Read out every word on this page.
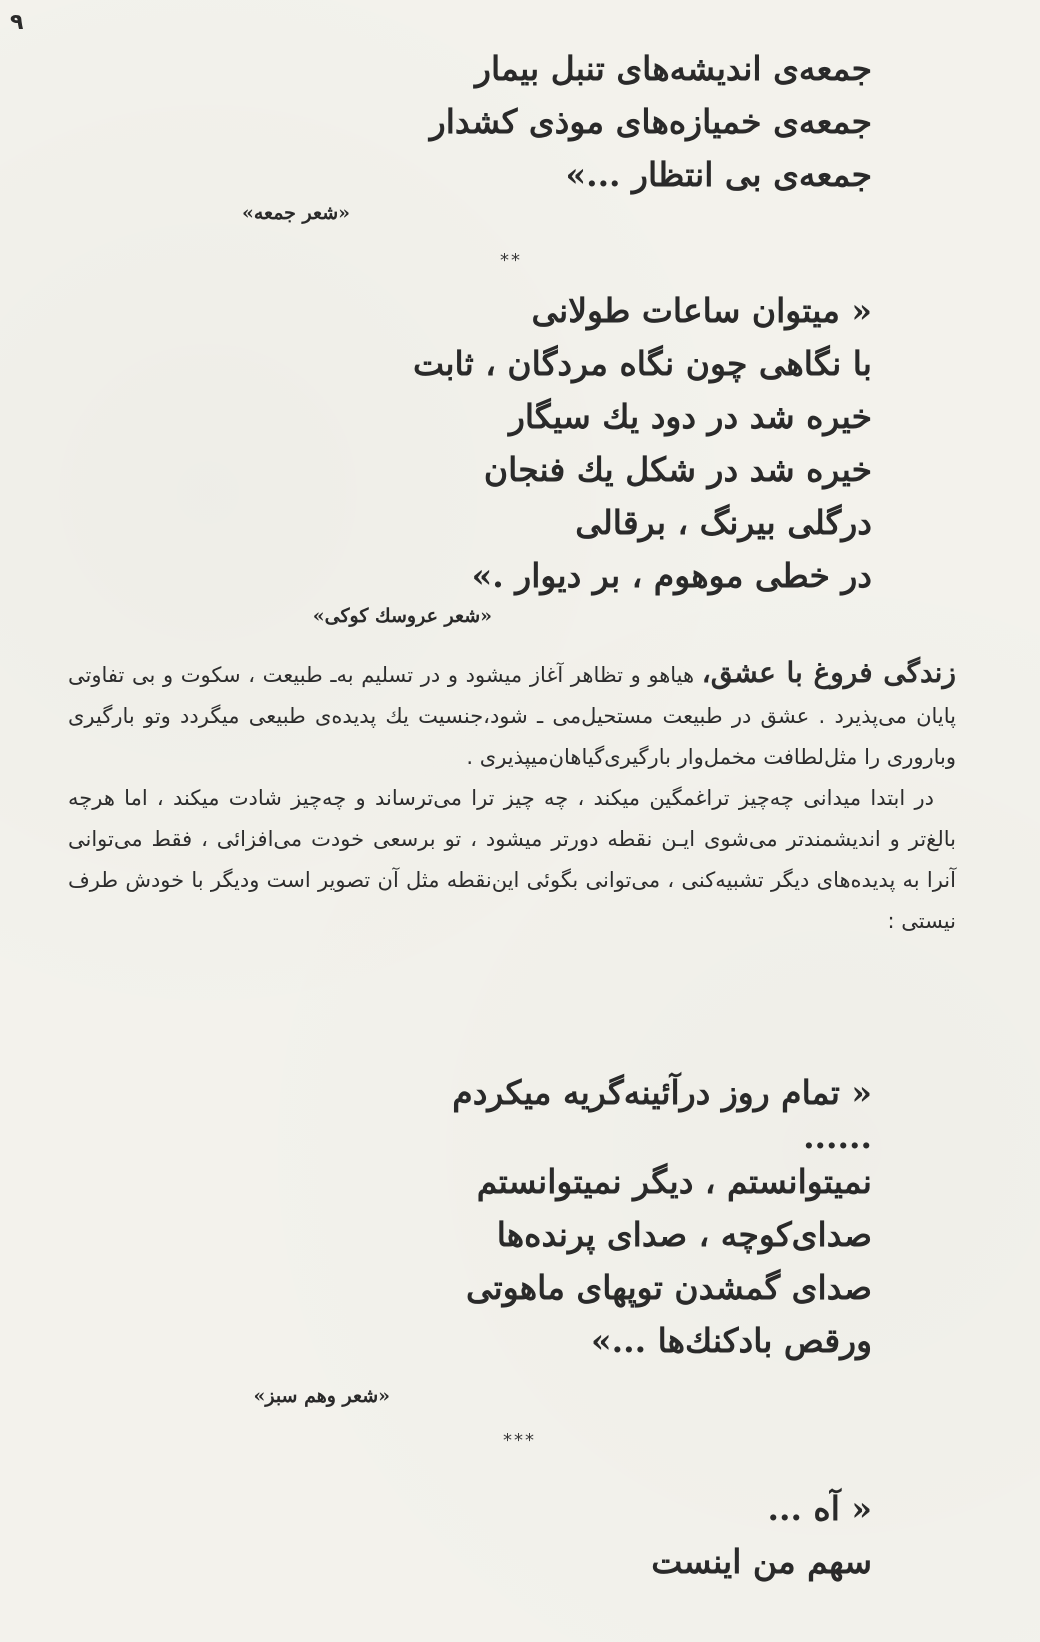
۹

جمعه‌ی اندیشه‌های تنبل بیمار

جمعه‌ی خمیازه‌های موذی کشدار

جمعه‌ی بی انتظار ...»

«شعر جمعه»
**

« میتوان ساعات طولانی

با نگاهی چون نگاه مردگان ، ثابت

خیره شد در دود یك سیگار

خیره شد در شکل یك فنجان

درگلی بیرنگ ، برقالی

در خطی موهوم ، بر دیوار .»

«شعر عروسك کوکی»

زندگی فروغ با عشق، هیاهو و تظاهر آغاز میشود و در تسلیم به‌ـ طبیعت ، سکوت و بی تفاوتی پایان می‌پذیرد . عشق در طبیعت مستحیل‌می ـ شود،جنسیت یك پدیده‌ی طبیعی میگردد وتو بارگیری وباروری را مثل‌لطافت مخمل‌وار بارگیری‌گیاهان‌میپذیری .

در ابتدا میدانی چه‌چیز تراغمگین میکند ، چه چیز ترا می‌ترساند و چه‌چیز شادت میکند ، اما هرچه بالغ‌تر و اندیشمندتر می‌شوی ایـن نقطه دورتر میشود ، تو برسعی خودت می‌افزائی ، فقط می‌توانی آنرا به پدیده‌های دیگر تشبیه‌کنی ، می‌توانی بگوئی این‌نقطه مثل آن تصویر است ودیگر با خودش طرف نیستی :

« تمام روز درآئینه‌گریه میکردم

......

نمیتوانستم ، دیگر نمیتوانستم

صدای‌کوچه ، صدای پرنده‌ها

صدای گمشدن توپهای ماهوتی

ورقص بادکنك‌ها ...»

«شعر وهم سبز»
***

« آه ...

سهم من اینست
